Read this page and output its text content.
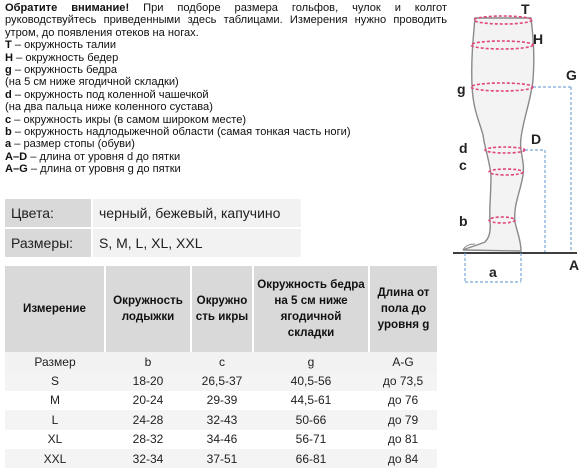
Обратите внимание! При подборе размера гольфов, чулок и колгот руководствуйтесь приведенными здесь таблицами. Измерения нужно проводить утром, до появления отеков на ногах.

T – окружность талии
H – окружность бедер
g – окружность бедра
(на 5 см ниже ягодичной складки)
d – окружность под коленной чашечкой
(на два пальца ниже коленного сустава)
c – окружность икры (в самом широком месте)
b – окружность надлодыжечной области (самая тонкая часть ноги)
a – размер стопы (обуви)
A–D – длина от уровня d до пятки
A–G – длина от уровня g до пятки
Цвета:	черный, бежевый, капучино
Размеры:	S, M, L, XL, XXL
Измерение	Окружность лодыжки	Окружно сть икры	Окружность бедра на 5 см ниже ягодичной складки	Длина от пола до уровня g
Размер	b	c	g	A-G
S	18-20	26,5-37	40,5-56	до 73,5
M	20-24	29-39	44,5-61	до 76
L	24-28	32-43	50-66	до 79
XL	28-32	34-46	56-71	до 81
XXL	32-34	37-51	66-81	до 84
T
H
G
g
D
d
c
b
A
a
